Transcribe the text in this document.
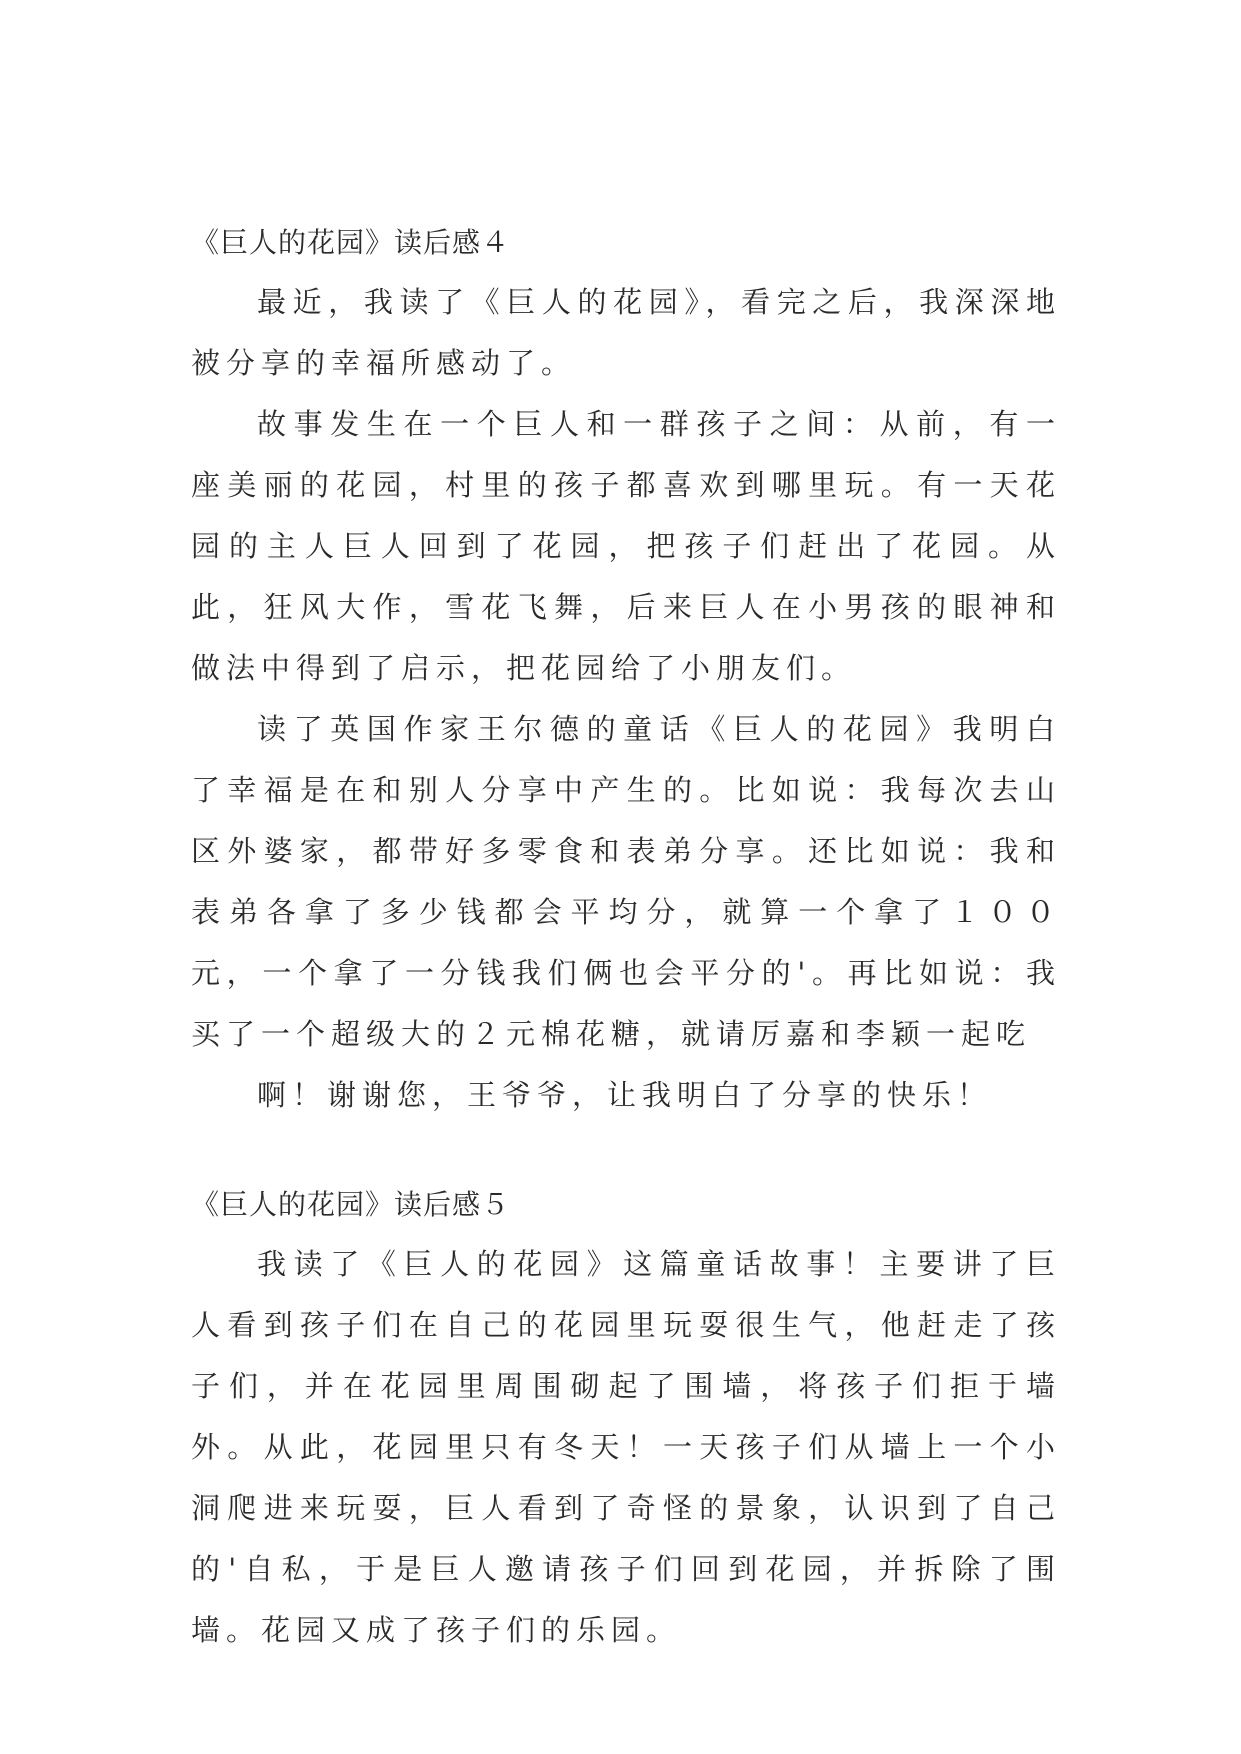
《巨人的花园》读后感４

最近，我读了《巨人的花园》，看完之后，我深深地被分享的幸福所感动了。

故事发生在一个巨人和一群孩子之间：从前，有一座美丽的花园，村里的孩子都喜欢到哪里玩。有一天花园的主人巨人回到了花园，把孩子们赶出了花园。从此，狂风大作，雪花飞舞，后来巨人在小男孩的眼神和做法中得到了启示，把花园给了小朋友们。

读了英国作家王尔德的童话《巨人的花园》我明白了幸福是在和别人分享中产生的。比如说：我每次去山区外婆家，都带好多零食和表弟分享。还比如说：我和表弟各拿了多少钱都会平均分，就算一个拿了１００元，一个拿了一分钱我们俩也会平分的'。再比如说：我买了一个超级大的２元棉花糖，就请厉嘉和李颖一起吃

啊！谢谢您，王爷爷，让我明白了分享的快乐！

《巨人的花园》读后感５

我读了《巨人的花园》这篇童话故事！主要讲了巨人看到孩子们在自己的花园里玩耍很生气，他赶走了孩子们，并在花园里周围砌起了围墙，将孩子们拒于墙外。从此，花园里只有冬天！一天孩子们从墙上一个小洞爬进来玩耍，巨人看到了奇怪的景象，认识到了自己的'自私，于是巨人邀请孩子们回到花园，并拆除了围墙。花园又成了孩子们的乐园。
